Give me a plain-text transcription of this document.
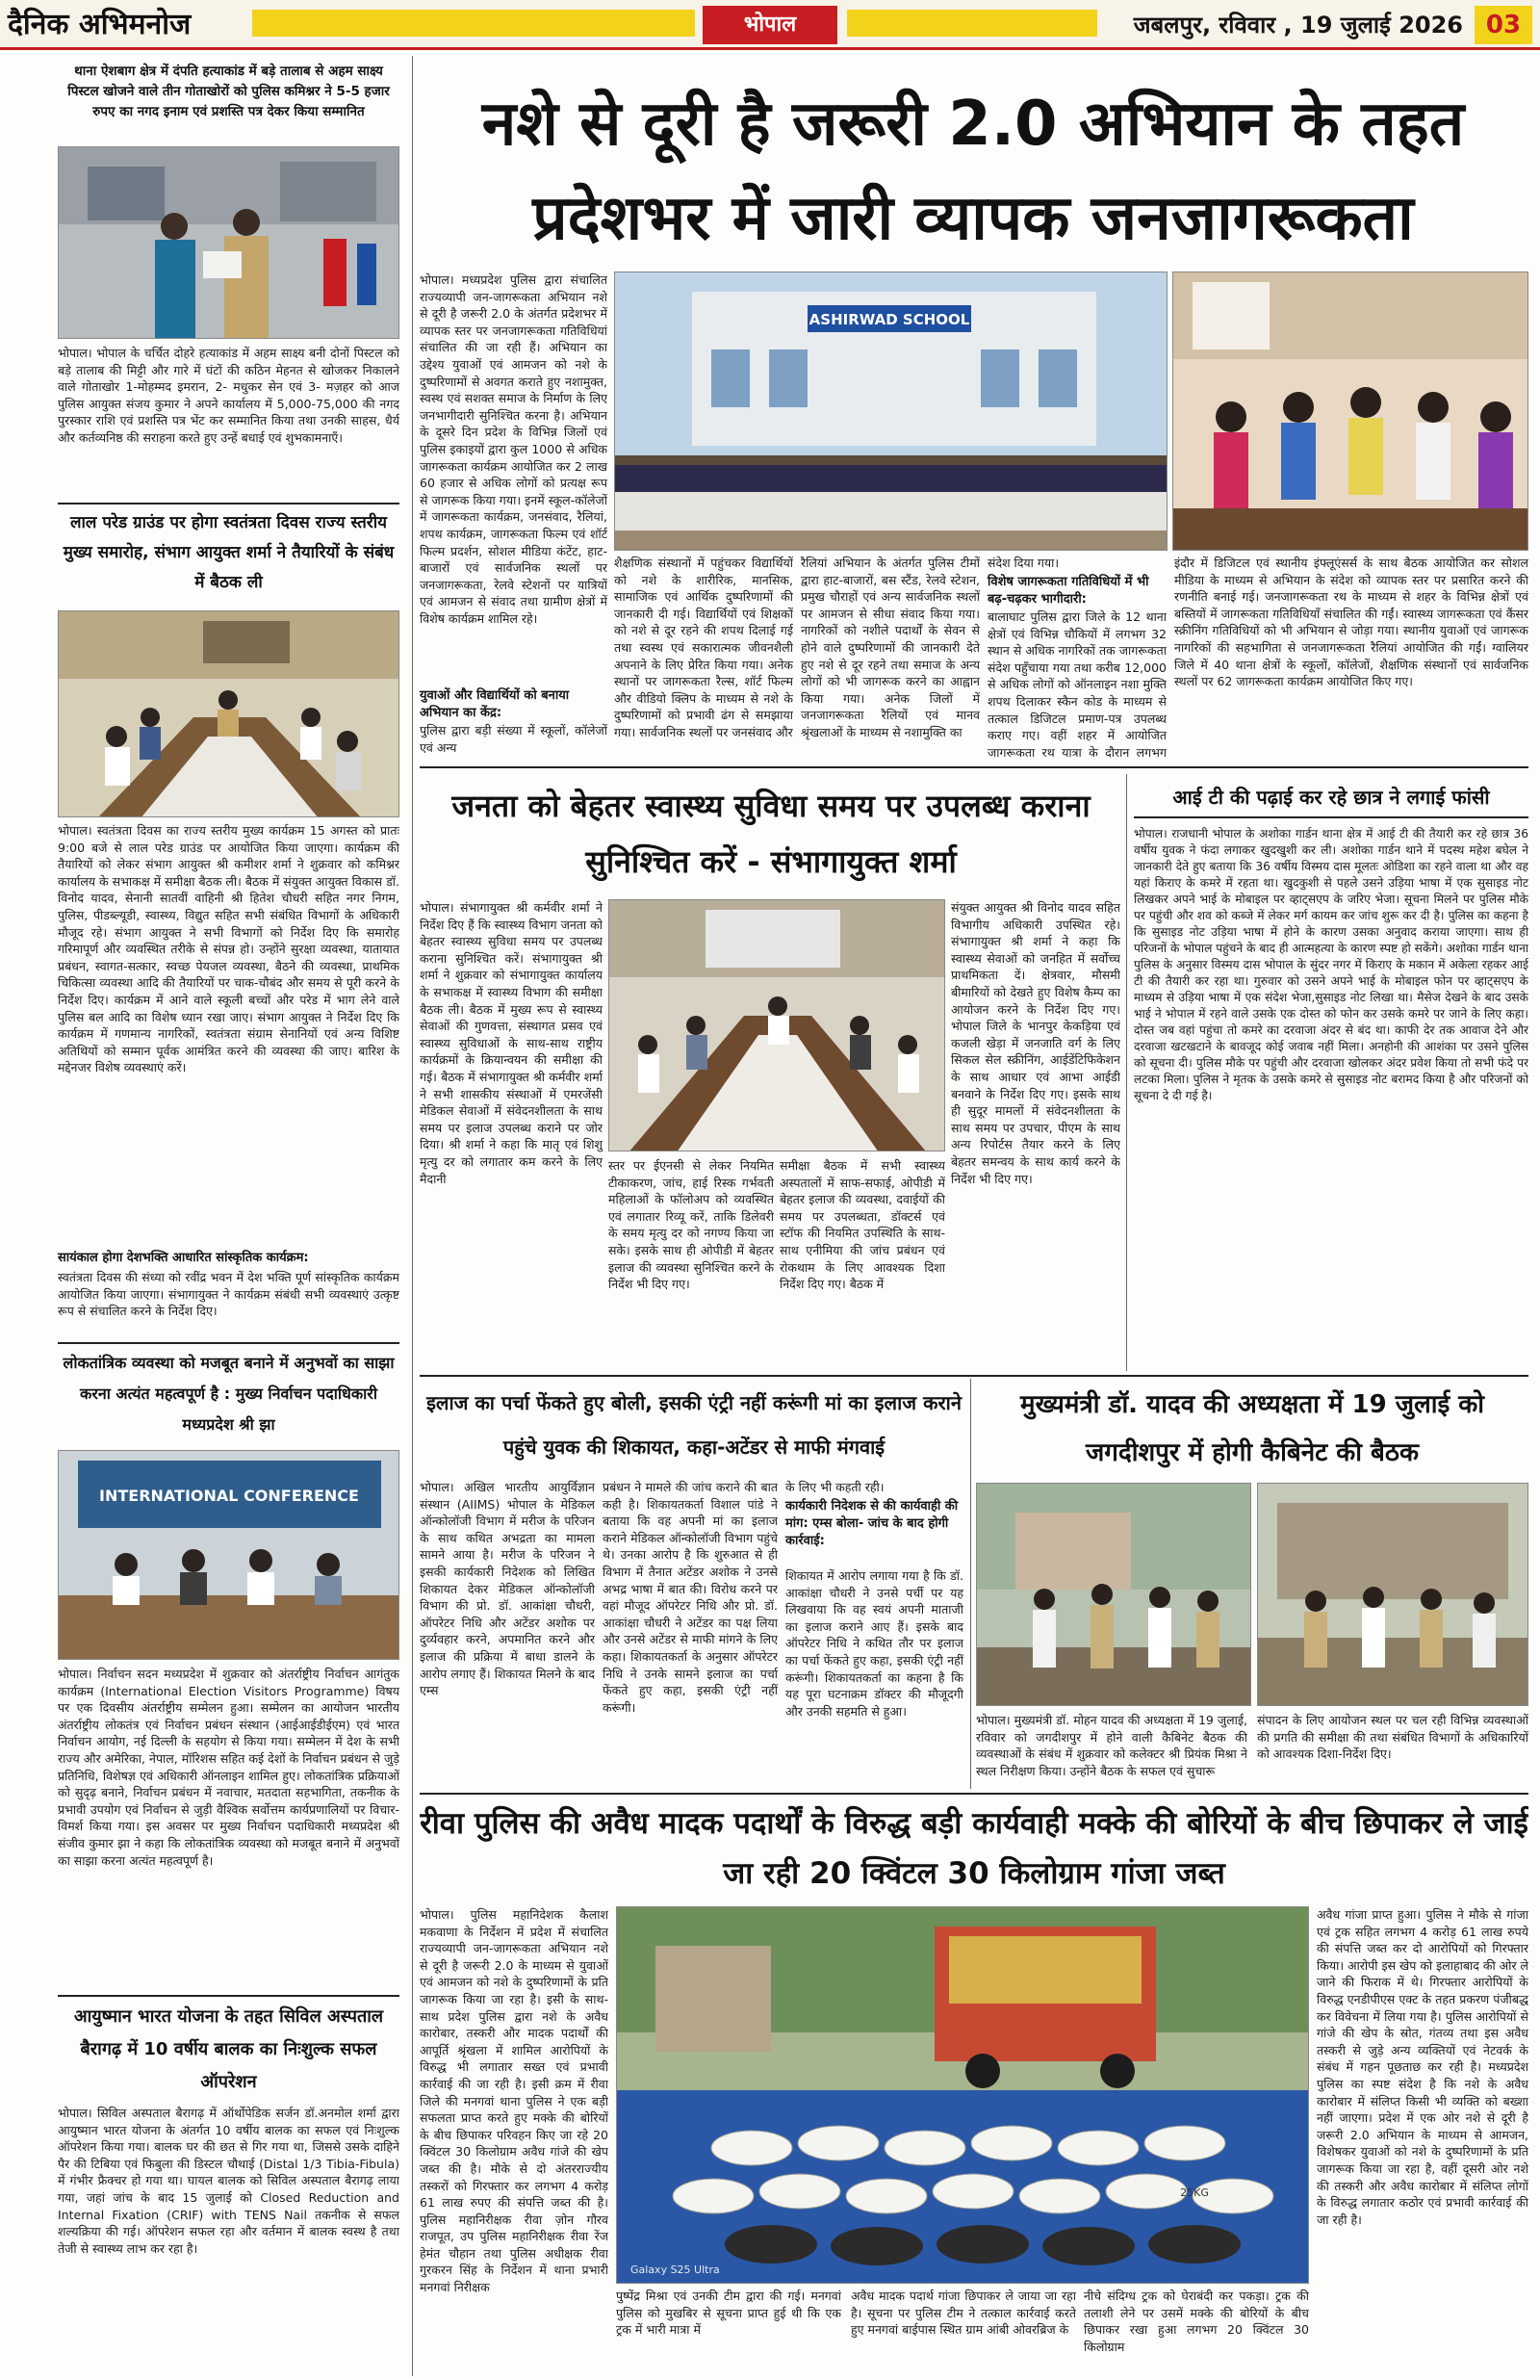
दैनिक अभिमनोज	भोपाल	जबलपुर, रविवार , 19 जुलाई 2026 03
थाना ऐशबाग क्षेत्र में दंपति हत्याकांड में बड़े तालाब से अहम साक्ष्य पिस्टल खोजने वाले तीन गोताखोरों को पुलिस कमिश्नर ने 5-5 हजार रुपए का नगद इनाम एवं प्रशस्ति पत्र देकर किया सम्मानित
भोपाल। भोपाल के चर्चित दोहरे हत्याकांड में अहम साक्ष्य बनी दोनों पिस्टल को बड़े तालाब की मिट्टी और गारे में घंटों की कठिन मेहनत से खोजकर निकालने वाले गोताखोर 1-मोहम्मद इमरान, 2- मधुकर सेन एवं 3- मज़हर को आज पुलिस आयुक्त संजय कुमार ने अपने कार्यालय में 5,000-75,000 की नगद पुरस्कार राशि एवं प्रशस्ति पत्र भेंट कर सम्मानित किया तथा उनकी साहस, धैर्य और कर्तव्यनिष्ठ की सराहना करते हुए उन्हें बधाई एवं शुभकामनाएँ।
लाल परेड ग्राउंड पर होगा स्वतंत्रता दिवस राज्य स्तरीय मुख्य समारोह, संभाग आयुक्त शर्मा ने तैयारियों के संबंध में बैठक ली
भोपाल। स्वतंत्रता दिवस का राज्य स्तरीय मुख्य कार्यक्रम 15 अगस्त को प्रातः 9:00 बजे से लाल परेड ग्राउंड पर आयोजित किया जाएगा। कार्यक्रम की तैयारियों को लेकर संभाग आयुक्त श्री कमीशर शर्मा ने शुक्रवार को कमिश्नर कार्यालय के सभाकक्ष में समीक्षा बैठक ली। बैठक में संयुक्त आयुक्त विकास डॉ. विनोद यादव, सेनानी सातवीं वाहिनी श्री हितेश चौधरी सहित नगर निगम, पुलिस, पीडब्ल्यूडी, स्वास्थ्य, विद्युत सहित सभी संबंधित विभागों के अधिकारी मौजूद रहे। संभाग आयुक्त ने सभी विभागों को निर्देश दिए कि समारोह गरिमापूर्ण और व्यवस्थित तरीके से संपन्न हो। उन्होंने सुरक्षा व्यवस्था, यातायात प्रबंधन, स्वागत-सत्कार, स्वच्छ पेयजल व्यवस्था, बैठने की व्यवस्था, प्राथमिक चिकित्सा व्यवस्था आदि की तैयारियों पर चाक-चौबंद और समय से पूरी करने के निर्देश दिए। कार्यक्रम में आने वाले स्कूली बच्चों और परेड में भाग लेने वाले पुलिस बल आदि का विशेष ध्यान रखा जाए। संभाग आयुक्त ने निर्देश दिए कि कार्यक्रम में गणमान्य नागरिकों, स्वतंत्रता संग्राम सेनानियों एवं अन्य विशिष्ट अतिथियों को सम्मान पूर्वक आमंत्रित करने की व्यवस्था की जाए। बारिश के मद्देनजर विशेष व्यवस्थाएं करें।
सायंकाल होगा देशभक्ति आधारित सांस्कृतिक कार्यक्रम:
स्वतंत्रता दिवस की संध्या को रवींद्र भवन में देश भक्ति पूर्ण सांस्कृतिक कार्यक्रम आयोजित किया जाएगा। संभागायुक्त ने कार्यक्रम संबंधी सभी व्यवस्थाएं उत्कृष्ट रूप से संचालित करने के निर्देश दिए।
लोकतांत्रिक व्यवस्था को मजबूत बनाने में अनुभवों का साझा करना अत्यंत महत्वपूर्ण है : मुख्य निर्वाचन पदाधिकारी मध्यप्रदेश श्री झा
INTERNATIONAL CONFERENCE
भोपाल। निर्वाचन सदन मध्यप्रदेश में शुक्रवार को अंतर्राष्ट्रीय निर्वाचन आगंतुक कार्यक्रम (International Election Visitors Programme) विषय पर एक दिवसीय अंतर्राष्ट्रीय सम्मेलन हुआ। सम्मेलन का आयोजन भारतीय अंतर्राष्ट्रीय लोकतंत्र एवं निर्वाचन प्रबंधन संस्थान (आईआईडीईएम) एवं भारत निर्वाचन आयोग, नई दिल्ली के सहयोग से किया गया। सम्मेलन में देश के सभी राज्य और अमेरिका, नेपाल, मॉरिशस सहित कई देशों के निर्वाचन प्रबंधन से जुड़े प्रतिनिधि, विशेषज्ञ एवं अधिकारी ऑनलाइन शामिल हुए। लोकतांत्रिक प्रक्रियाओं को सुदृढ़ बनाने, निर्वाचन प्रबंधन में नवाचार, मतदाता सहभागिता, तकनीक के प्रभावी उपयोग एवं निर्वाचन से जुड़ी वैश्विक सर्वोत्तम कार्यप्रणालियों पर विचार-विमर्श किया गया। इस अवसर पर मुख्य निर्वाचन पदाधिकारी मध्यप्रदेश श्री संजीव कुमार झा ने कहा कि लोकतांत्रिक व्यवस्था को मजबूत बनाने में अनुभवों का साझा करना अत्यंत महत्वपूर्ण है।
आयुष्मान भारत योजना के तहत सिविल अस्पताल बैरागढ़ में 10 वर्षीय बालक का निःशुल्क सफल ऑपरेशन
भोपाल। सिविल अस्पताल बैरागढ़ में ऑर्थोपेडिक सर्जन डॉ.अनमोल शर्मा द्वारा आयुष्मान भारत योजना के अंतर्गत 10 वर्षीय बालक का सफल एवं निःशुल्क ऑपरेशन किया गया। बालक घर की छत से गिर गया था, जिससे उसके दाहिने पैर की टिबिया एवं फिबुला की डिस्टल चौथाई (Distal 1/3 Tibia-Fibula) में गंभीर फ्रैक्चर हो गया था। घायल बालक को सिविल अस्पताल बैरागढ़ लाया गया, जहां जांच के बाद 15 जुलाई को Closed Reduction and Internal Fixation (CRIF) with TENS Nail तकनीक से सफल शल्यक्रिया की गई। ऑपरेशन सफल रहा और वर्तमान में बालक स्वस्थ है तथा तेजी से स्वास्थ्य लाभ कर रहा है।
नशे से दूरी है जरूरी 2.0 अभियान के तहत प्रदेशभर में जारी व्यापक जनजागरूकता
ASHIRWAD SCHOOL
भोपाल। मध्यप्रदेश पुलिस द्वारा संचालित राज्यव्यापी जन-जागरूकता अभियान नशे से दूरी है जरूरी 2.0 के अंतर्गत प्रदेशभर में व्यापक स्तर पर जनजागरूकता गतिविधियां संचालित की जा रही हैं। अभियान का उद्देश्य युवाओं एवं आमजन को नशे के दुष्परिणामों से अवगत कराते हुए नशामुक्त, स्वस्थ एवं सशक्त समाज के निर्माण के लिए जनभागीदारी सुनिश्चित करना है। अभियान के दूसरे दिन प्रदेश के विभिन्न जिलों एवं पुलिस इकाइयों द्वारा कुल 1000 से अधिक जागरूकता कार्यक्रम आयोजित कर 2 लाख 60 हजार से अधिक लोगों को प्रत्यक्ष रूप से जागरूक किया गया। इनमें स्कूल-कॉलेजों में जागरूकता कार्यक्रम, जनसंवाद, रैलियां, शपथ कार्यक्रम, जागरूकता फिल्म एवं शॉर्ट फिल्म प्रदर्शन, सोशल मीडिया कंटेंट, हाट-बाजारों एवं सार्वजनिक स्थलों पर जनजागरूकता, रेलवे स्टेशनों पर यात्रियों एवं आमजन से संवाद तथा ग्रामीण क्षेत्रों में विशेष कार्यक्रम शामिल रहे।
युवाओं और विद्यार्थियों को बनाया अभियान का केंद्र:
पुलिस द्वारा बड़ी संख्या में स्कूलों, कॉलेजों एवं अन्य
शैक्षणिक संस्थानों में पहुंचकर विद्यार्थियों को नशे के शारीरिक, मानसिक, सामाजिक एवं आर्थिक दुष्परिणामों की जानकारी दी गई। विद्यार्थियों एवं शिक्षकों को नशे से दूर रहने की शपथ दिलाई गई तथा स्वस्थ एवं सकारात्मक जीवनशैली अपनाने के लिए प्रेरित किया गया। अनेक स्थानों पर जागरूकता रैल्स, शॉर्ट फिल्म और वीडियो क्लिप के माध्यम से नशे के दुष्परिणामों को प्रभावी ढंग से समझाया गया। सार्वजनिक स्थलों पर जनसंवाद और
रैलियां अभियान के अंतर्गत पुलिस टीमों द्वारा हाट-बाजारों, बस स्टैंड, रेलवे स्टेशन, प्रमुख चौराहों एवं अन्य सार्वजनिक स्थलों पर आमजन से सीधा संवाद किया गया। नागरिकों को नशीले पदार्थों के सेवन से होने वाले दुष्परिणामों की जानकारी देते हुए नशे से दूर रहने तथा समाज के अन्य लोगों को भी जागरूक करने का आह्वान किया गया। अनेक जिलों में जनजागरूकता रैलियों एवं मानव श्रृंखलाओं के माध्यम से नशामुक्ति का
संदेश दिया गया।
विशेष जागरूकता गतिविधियों में भी बढ़-चढ़कर भागीदारी:
बालाघाट पुलिस द्वारा जिले के 12 थाना क्षेत्रों एवं विभिन्न चौकियों में लगभग 32 स्थान से अधिक नागरिकों तक जागरूकता संदेश पहुँचाया गया तथा करीब 12,000 से अधिक लोगों को ऑनलाइन नशा मुक्ति शपथ दिलाकर स्कैन कोड के माध्यम से तत्काल डिजिटल प्रमाण-पत्र उपलब्ध कराए गए। वहीं शहर में आयोजित जागरूकता रथ यात्रा के दौरान लगभग
इंदौर में डिजिटल एवं स्थानीय इंफ्लूएंसर्स के साथ बैठक आयोजित कर सोशल मीडिया के माध्यम से अभियान के संदेश को व्यापक स्तर पर प्रसारित करने की रणनीति बनाई गई। जनजागरूकता रथ के माध्यम से शहर के विभिन्न क्षेत्रों एवं बस्तियों में जागरूकता गतिविधियाँ संचालित की गईं। स्वास्थ्य जागरूकता एवं कैंसर स्क्रीनिंग गतिविधियों को भी अभियान से जोड़ा गया। स्थानीय युवाओं एवं जागरूक नागरिकों की सहभागिता से जनजागरूकता रैलियां आयोजित की गईं। ग्वालियर जिले में 40 थाना क्षेत्रों के स्कूलों, कॉलेजों, शैक्षणिक संस्थानों एवं सार्वजनिक स्थलों पर 62 जागरूकता कार्यक्रम आयोजित किए गए।
जनता को बेहतर स्वास्थ्य सुविधा समय पर उपलब्ध कराना सुनिश्चित करें - संभागायुक्त शर्मा
भोपाल। संभागायुक्त श्री कर्मवीर शर्मा ने निर्देश दिए हैं कि स्वास्थ्य विभाग जनता को बेहतर स्वास्थ्य सुविधा समय पर उपलब्ध कराना सुनिश्चित करें। संभागायुक्त श्री शर्मा ने शुक्रवार को संभागायुक्त कार्यालय के सभाकक्ष में स्वास्थ्य विभाग की समीक्षा बैठक ली। बैठक में मुख्य रूप से स्वास्थ्य सेवाओं की गुणवत्ता, संस्थागत प्रसव एवं स्वास्थ्य सुविधाओं के साथ-साथ राष्ट्रीय कार्यक्रमों के क्रियान्वयन की समीक्षा की गई। बैठक में संभागायुक्त श्री कर्मवीर शर्मा ने सभी शासकीय संस्थाओं में एमरजेंसी मेडिकल सेवाओं में संवेदनशीलता के साथ समय पर इलाज उपलब्ध कराने पर जोर दिया। श्री शर्मा ने कहा कि मातृ एवं शिशु मृत्यु दर को लगातार कम करने के लिए मैदानी
स्तर पर ईएनसी से लेकर नियमित टीकाकरण, जांच, हाई रिस्क गर्भवती महिलाओं के फॉलोअप को व्यवस्थित एवं लगातार रिव्यू करें, ताकि डिलेवरी के समय मृत्यु दर को नगण्य किया जा सके। इसके साथ ही ओपीडी में बेहतर इलाज की व्यवस्था सुनिश्चित करने के निर्देश भी दिए गए।
समीक्षा बैठक में सभी स्वास्थ्य अस्पतालों में साफ-सफाई, ओपीडी में बेहतर इलाज की व्यवस्था, दवाईयों की समय पर उपलब्धता, डॉक्टर्स एवं स्टॉफ की नियमित उपस्थिति के साथ-साथ एनीमिया की जांच प्रबंधन एवं रोकथाम के लिए आवश्यक दिशा निर्देश दिए गए। बैठक में
संयुक्त आयुक्त श्री विनोद यादव सहित विभागीय अधिकारी उपस्थित रहे। संभागायुक्त श्री शर्मा ने कहा कि स्वास्थ्य सेवाओं को जनहित में सर्वोच्च प्राथमिकता दें। क्षेत्रवार, मौसमी बीमारियों को देखते हुए विशेष कैम्प का आयोजन करने के निर्देश दिए गए। भोपाल जिले के भानपुर केकड़िया एवं कजली खेड़ा में जनजाति वर्ग के लिए सिकल सेल स्क्रीनिंग, आईडेंटिफिकेशन के साथ आधार एवं आभा आईडी बनवाने के निर्देश दिए गए। इसके साथ ही सुदूर मामलों में संवेदनशीलता के साथ समय पर उपचार, पीएम के साथ अन्य रिपोर्टस तैयार करने के लिए बेहतर समन्वय के साथ कार्य करने के निर्देश भी दिए गए।
आई टी की पढ़ाई कर रहे छात्र ने लगाई फांसी
भोपाल। राजधानी भोपाल के अशोका गार्डन थाना क्षेत्र में आई टी की तैयारी कर रहे छात्र 36 वर्षीय युवक ने फंदा लगाकर खुदखुशी कर ली। अशोका गार्डन थाने में पदस्थ महेश बघेल ने जानकारी देते हुए बताया कि 36 वर्षीय विस्मय दास मूलतः ओडिशा का रहने वाला था और वह यहां किराए के कमरे में रहता था। खुदकुशी से पहले उसने उड़िया भाषा में एक सुसाइड नोट लिखकर अपने भाई के मोबाइल पर व्हाट्सएप के जरिए भेजा। सूचना मिलने पर पुलिस मौके पर पहुंची और शव को कब्जे में लेकर मर्ग कायम कर जांच शुरू कर दी है। पुलिस का कहना है कि सुसाइड नोट उड़िया भाषा में होने के कारण उसका अनुवाद कराया जाएगा। साथ ही परिजनों के भोपाल पहुंचने के बाद ही आत्महत्या के कारण स्पष्ट हो सकेंगे। अशोका गार्डन थाना पुलिस के अनुसार विस्मय दास भोपाल के सुंदर नगर में किराए के मकान में अकेला रहकर आई टी की तैयारी कर रहा था। गुरुवार को उसने अपने भाई के मोबाइल फोन पर व्हाट्सएप के माध्यम से उड़िया भाषा में एक संदेश भेजा,सुसाइड नोट लिखा था। मैसेज देखने के बाद उसके भाई ने भोपाल में रहने वाले उसके एक दोस्त को फोन कर उसके कमरे पर जाने के लिए कहा। दोस्त जब वहां पहुंचा तो कमरे का दरवाजा अंदर से बंद था। काफी देर तक आवाज देने और दरवाजा खटखटाने के बावजूद कोई जवाब नहीं मिला। अनहोनी की आशंका पर उसने पुलिस को सूचना दी। पुलिस मौके पर पहुंची और दरवाजा खोलकर अंदर प्रवेश किया तो सभी फंदे पर लटका मिला। पुलिस ने मृतक के उसके कमरे से सुसाइड नोट बरामद किया है और परिजनों को सूचना दे दी गई है।
इलाज का पर्चा फेंकते हुए बोली, इसकी एंट्री नहीं करूंगी मां का इलाज कराने पहुंचे युवक की शिकायत, कहा-अटेंडर से माफी मंगवाई
भोपाल। अखिल भारतीय आयुर्विज्ञान संस्थान (AIIMS) भोपाल के मेडिकल ऑन्कोलॉजी विभाग में मरीज के परिजन के साथ कथित अभद्रता का मामला सामने आया है। मरीज के परिजन ने इसकी कार्यकारी निदेशक को लिखित शिकायत देकर मेडिकल ऑन्कोलॉजी विभाग की प्रो. डॉ. आकांक्षा चौधरी, ऑपरेटर निधि और अटेंडर अशोक पर दुर्व्यवहार करने, अपमानित करने और इलाज की प्रक्रिया में बाधा डालने के आरोप लगाए हैं। शिकायत मिलने के बाद एम्स
प्रबंधन ने मामले की जांच कराने की बात कही है। शिकायतकर्ता विशाल पांडे ने बताया कि वह अपनी मां का इलाज कराने मेडिकल ऑन्कोलॉजी विभाग पहुंचे थे। उनका आरोप है कि शुरुआत से ही विभाग में तैनात अटेंडर अशोक ने उनसे अभद्र भाषा में बात की। विरोध करने पर वहां मौजूद ऑपरेटर निधि और प्रो. डॉ. आकांक्षा चौधरी ने अटेंडर का पक्ष लिया और उनसे अटेंडर से माफी मांगने के लिए कहा। शिकायतकर्ता के अनुसार ऑपरेटर निधि ने उनके सामने इलाज का पर्चा फेंकते हुए कहा, इसकी एंट्री नहीं करूंगी।
के लिए भी कहती रही।
कार्यकारी निदेशक से की कार्यवाही की मांग: एम्स बोला- जांच के बाद होगी कार्रवाई:
शिकायत में आरोप लगाया गया है कि डॉ. आकांक्षा चौधरी ने उनसे पर्ची पर यह लिखवाया कि वह स्वयं अपनी माताजी का इलाज कराने आए हैं। इसके बाद ऑपरेटर निधि ने कथित तौर पर इलाज का पर्चा फेंकते हुए कहा, इसकी एंट्री नहीं करूंगी। शिकायतकर्ता का कहना है कि यह पूरा घटनाक्रम डॉक्टर की मौजूदगी और उनकी सहमति से हुआ।
मुख्यमंत्री डॉ. यादव की अध्यक्षता में 19 जुलाई को जगदीशपुर में होगी कैबिनेट की बैठक
भोपाल। मुख्यमंत्री डॉ. मोहन यादव की अध्यक्षता में 19 जुलाई, रविवार को जगदीशपुर में होने वाली कैबिनेट बैठक की व्यवस्थाओं के संबंध में शुक्रवार को कलेक्टर श्री प्रियंक मिश्रा ने स्थल निरीक्षण किया। उन्होंने बैठक के सफल एवं सुचारू
संपादन के लिए आयोजन स्थल पर चल रही विभिन्न व्यवस्थाओं की प्रगति की समीक्षा की तथा संबंधित विभागों के अधिकारियों को आवश्यक दिशा-निर्देश दिए।
रीवा पुलिस की अवैध मादक पदार्थों के विरुद्ध बड़ी कार्यवाही मक्के की बोरियों के बीच छिपाकर ले जाई जा रही 20 क्विंटल 30 किलोग्राम गांजा जब्त
भोपाल। पुलिस महानिदेशक कैलाश मकवाणा के निर्देशन में प्रदेश में संचालित राज्यव्यापी जन-जागरूकता अभियान नशे से दूरी है जरूरी 2.0 के माध्यम से युवाओं एवं आमजन को नशे के दुष्परिणामों के प्रति जागरूक किया जा रहा है। इसी के साथ-साथ प्रदेश पुलिस द्वारा नशे के अवैध कारोबार, तस्करी और मादक पदार्थों की आपूर्ति श्रृंखला में शामिल आरोपियों के विरुद्ध भी लगातार सख्त एवं प्रभावी कार्रवाई की जा रही है। इसी क्रम में रीवा जिले की मनगवां थाना पुलिस ने एक बड़ी सफलता प्राप्त करते हुए मक्के की बोरियों के बीच छिपाकर परिवहन किए जा रहे 20 क्विंटल 30 किलोग्राम अवैध गांजे की खेप जब्त की है। मौके से दो अंतरराज्यीय तस्करों को गिरफ्तार कर लगभग 4 करोड़ 61 लाख रुपए की संपत्ति जब्त की है। पुलिस महानिरीक्षक रीवा ज़ोन गौरव राजपूत, उप पुलिस महानिरीक्षक रीवा रेंज हेमंत चौहान तथा पुलिस अधीक्षक रीवा गुरकरन सिंह के निर्देशन में थाना प्रभारी मनगवां निरीक्षक
25KG
Galaxy S25 Ultra
पुष्पेंद्र मिश्रा एवं उनकी टीम द्वारा की गई। मनगवां पुलिस को मुखबिर से सूचना प्राप्त हुई थी कि एक ट्रक में भारी मात्रा में
अवैध मादक पदार्थ गांजा छिपाकर ले जाया जा रहा है। सूचना पर पुलिस टीम ने तत्काल कार्रवाई करते हुए मनगवां बाईपास स्थित ग्राम आंबी ओवरब्रिज के
नीचे संदिग्ध ट्रक को घेराबंदी कर पकड़ा। ट्रक की तलाशी लेने पर उसमें मक्के की बोरियों के बीच छिपाकर रखा हुआ लगभग 20 क्विंटल 30 किलोग्राम
अवैध गांजा प्राप्त हुआ। पुलिस ने मौके से गांजा एवं ट्रक सहित लगभग 4 करोड़ 61 लाख रुपये की संपत्ति जब्त कर दो आरोपियों को गिरफ्तार किया। आरोपी इस खेप को इलाहाबाद की ओर ले जाने की फिराक में थे। गिरफ्तार आरोपियों के विरुद्ध एनडीपीएस एक्ट के तहत प्रकरण पंजीबद्ध कर विवेचना में लिया गया है। पुलिस आरोपियों से गांजे की खेप के स्रोत, गंतव्य तथा इस अवैध तस्करी से जुड़े अन्य व्यक्तियों एवं नेटवर्क के संबंध में गहन पूछताछ कर रही है। मध्यप्रदेश पुलिस का स्पष्ट संदेश है कि नशे के अवैध कारोबार में संलिप्त किसी भी व्यक्ति को बख्शा नहीं जाएगा। प्रदेश में एक ओर नशे से दूरी है जरूरी 2.0 अभियान के माध्यम से आमजन, विशेषकर युवाओं को नशे के दुष्परिणामों के प्रति जागरूक किया जा रहा है, वहीं दूसरी ओर नशे की तस्करी और अवैध कारोबार में संलिप्त लोगों के विरुद्ध लगातार कठोर एवं प्रभावी कार्रवाई की जा रही है।
